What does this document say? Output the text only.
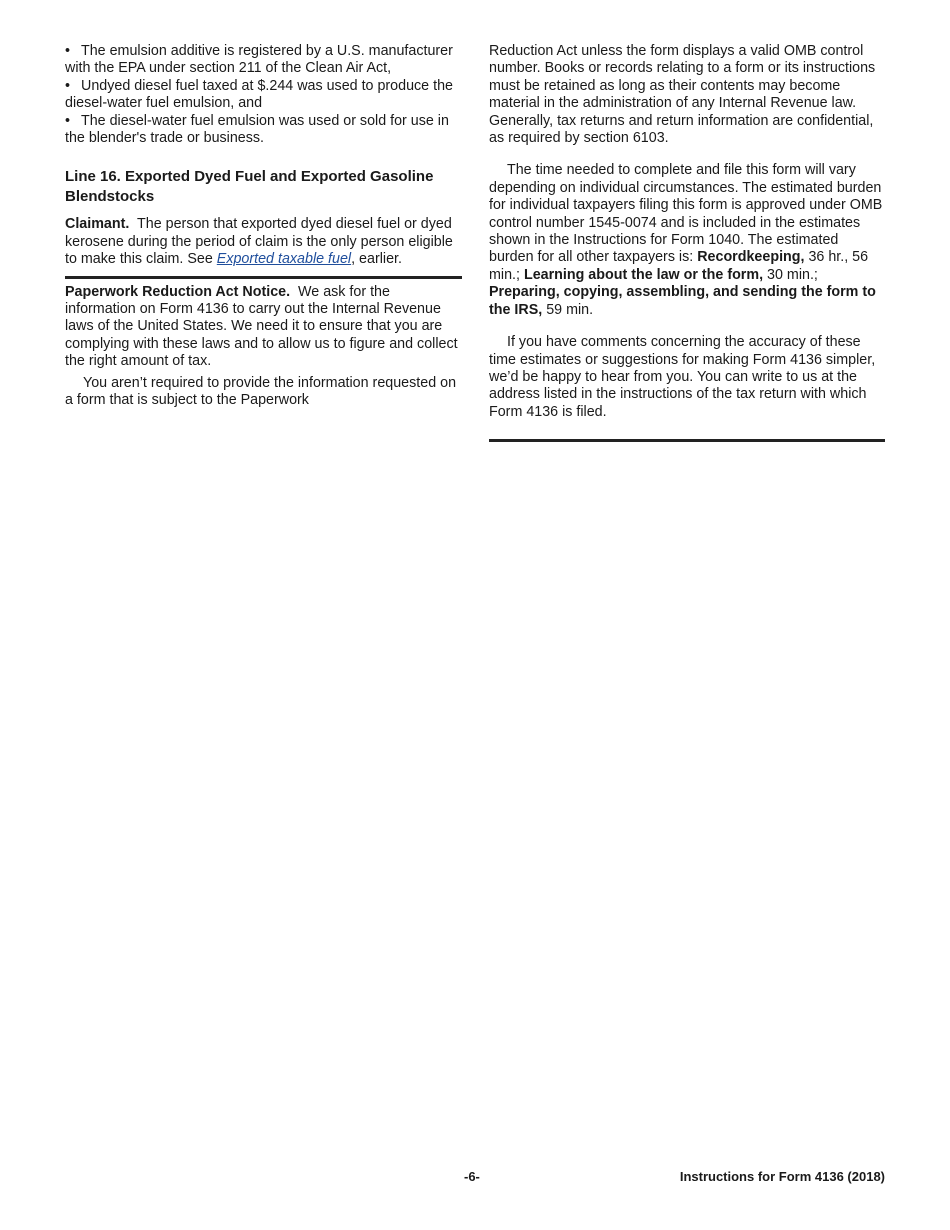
• The emulsion additive is registered by a U.S. manufacturer with the EPA under section 211 of the Clean Air Act,

• Undyed diesel fuel taxed at $.244 was used to produce the diesel-water fuel emulsion, and

• The diesel-water fuel emulsion was used or sold for use in the blender's trade or business.

Line 16. Exported Dyed Fuel and Exported Gasoline Blendstocks

Claimant. The person that exported dyed diesel fuel or dyed kerosene during the period of claim is the only person eligible to make this claim. See Exported taxable fuel, earlier.

Paperwork Reduction Act Notice. We ask for the information on Form 4136 to carry out the Internal Revenue laws of the United States. We need it to ensure that you are complying with these laws and to allow us to figure and collect the right amount of tax.

You aren’t required to provide the information requested on a form that is subject to the Paperwork

Reduction Act unless the form displays a valid OMB control number. Books or records relating to a form or its instructions must be retained as long as their contents may become material in the administration of any Internal Revenue law. Generally, tax returns and return information are confidential, as required by section 6103.

The time needed to complete and file this form will vary depending on individual circumstances. The estimated burden for individual taxpayers filing this form is approved under OMB control number 1545-0074 and is included in the estimates shown in the Instructions for Form 1040. The estimated burden for all other taxpayers is: Recordkeeping, 36 hr., 56 min.; Learning about the law or the form, 30 min.; Preparing, copying, assembling, and sending the form to the IRS, 59 min.

If you have comments concerning the accuracy of these time estimates or suggestions for making Form 4136 simpler, we’d be happy to hear from you. You can write to us at the address listed in the instructions of the tax return with which Form 4136 is filed.

-6-	Instructions for Form 4136 (2018)
